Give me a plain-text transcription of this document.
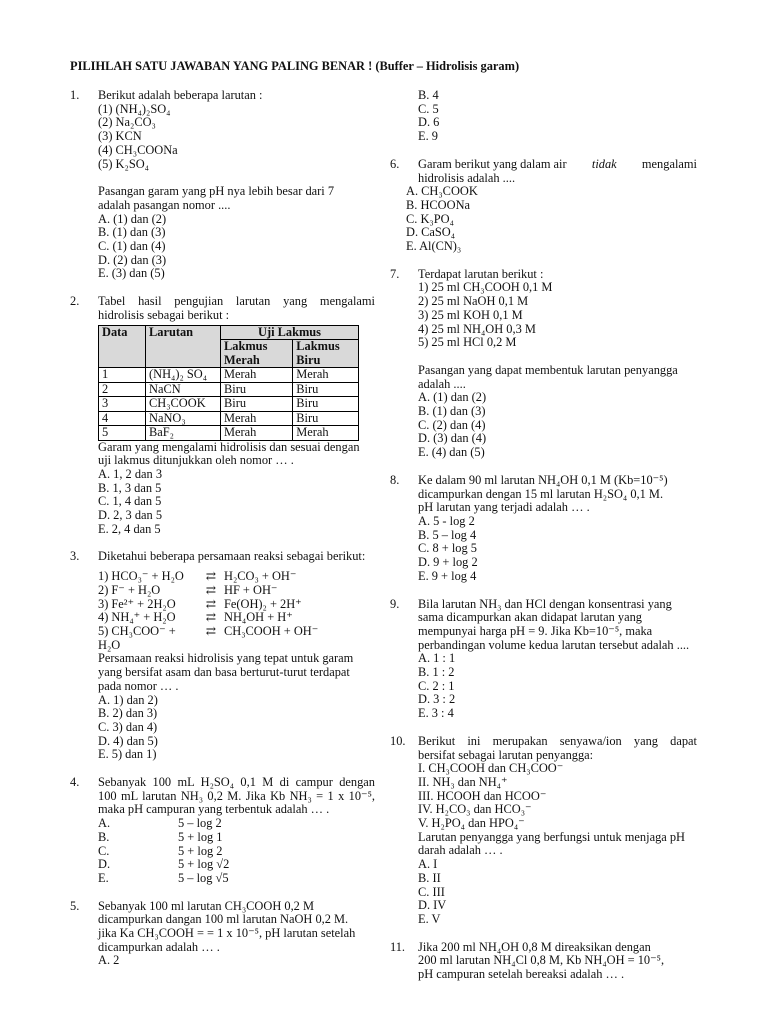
PILIHLAH SATU JAWABAN YANG PALING BENAR ! (Buffer – Hidrolisis garam)
1. Berikut adalah beberapa larutan :
(1) (NH₄)₂SO₄
(2) Na₂CO₃
(3) KCN
(4) CH₃COONa
(5) K₂SO₄
Pasangan garam yang pH nya lebih besar dari 7
adalah pasangan nomor ....
A. (1) dan (2)
B. (1) dan (3)
C. (1) dan (4)
D. (2) dan (3)
E. (3) dan (5)
2. Tabel hasil pengujian larutan yang mengalami
hidrolisis sebagai berikut :
Data	Larutan	Uji Lakmus	
		Lakmus Merah	Lakmus Biru
1	(NH₄)₂ SO₄	Merah	Merah
2	NaCN	Biru	Biru
3	CH₃COOK	Biru	Biru
4	NaNO₃	Merah	Biru
5	BaF₂	Merah	Merah
Garam yang mengalami hidrolisis dan sesuai dengan
uji lakmus ditunjukkan oleh nomor … .
A. 1, 2 dan 3
B. 1, 3 dan 5
C. 1, 4 dan 5
D. 2, 3 dan 5
E. 2, 4 dan 5
3. Diketahui beberapa persamaan reaksi sebagai berikut:
1) HCO₃⁻ + H₂O	⇄ H₂CO₃ + OH⁻
2) F⁻ + H₂O	⇄ HF + OH⁻
3) Fe²⁺ + 2H₂O	⇄ Fe(OH)₂ + 2H⁺
4) NH₄⁺ + H₂O	⇄ NH₄OH + H⁺
5) CH₃COO⁻ + H₂O
⇄ CH₃COOH + OH⁻
Persamaan reaksi hidrolisis yang tepat untuk garam
yang bersifat asam dan basa berturut-turut terdapat
pada nomor … .
A. 1) dan 2)
B. 2) dan 3)
C. 3) dan 4)
D. 4) dan 5)
E. 5) dan 1)
4. Sebanyak 100 mL H₂SO₄ 0,1 M di campur dengan
100 mL larutan NH₃ 0,2 M. Jika Kb NH₃ = 1 x 10⁻⁵,
maka pH campuran yang terbentuk adalah … .
A.	5 – log 2
B.	5 + log 1
C.	5 + log 2
D.	5 + log √2
E.	5 – log √5
5. Sebanyak 100 ml larutan CH₃COOH 0,2 M
dicampurkan dangan 100 ml larutan NaOH 0,2 M.
jika Ka CH₃COOH = = 1 x 10⁻⁵, pH larutan setelah
dicampurkan adalah … .
A. 2
B. 4
C. 5
D. 6
E. 9
6. Garam berikut yang dalam air tidak mengalami
hidrolisis adalah ....
A. CH₃COOK
B. HCOONa
C. K₃PO₄
D. CaSO₄
E. Al(CN)₃
7. Terdapat larutan berikut :
1) 25 ml CH₃COOH 0,1 M
2) 25 ml NaOH 0,1 M
3) 25 ml KOH 0,1 M
4) 25 ml NH₄OH 0,3 M
5) 25 ml HCl 0,2 M
Pasangan yang dapat membentuk larutan penyangga
adalah ....
A. (1) dan (2)
B. (1) dan (3)
C. (2) dan (4)
D. (3) dan (4)
E. (4) dan (5)
8. Ke dalam 90 ml larutan NH₄OH 0,1 M (Kb=10⁻⁵)
dicampurkan dengan 15 ml larutan H₂SO₄ 0,1 M.
pH larutan yang terjadi adalah … .
A. 5 - log 2
B. 5 – log 4
C. 8 + log 5
D. 9 + log 2
E. 9 + log 4
9. Bila larutan NH₃ dan HCl dengan konsentrasi yang
sama dicampurkan akan didapat larutan yang
mempunyai harga pH = 9. Jika Kb=10⁻⁵, maka
perbandingan volume kedua larutan tersebut adalah ....
A. 1 : 1
B. 1 : 2
C. 2 : 1
D. 3 : 2
E. 3 : 4
10. Berikut ini merupakan senyawa/ion yang dapat
bersifat sebagai larutan penyangga:
I. CH₃COOH dan CH₃COO⁻
II. NH₃ dan NH₄⁺
III. HCOOH dan HCOO⁻
IV. H₂CO₃ dan HCO₃⁻
V. H₂PO₄ dan HPO₄⁻
Larutan penyangga yang berfungsi untuk menjaga pH
darah adalah … .
A. I
B. II
C. III
D. IV
E. V
11. Jika 200 ml NH₄OH 0,8 M direaksikan dengan
200 ml larutan NH₄Cl 0,8 M, Kb NH₄OH = 10⁻⁵,
pH campuran setelah bereaksi adalah … .
